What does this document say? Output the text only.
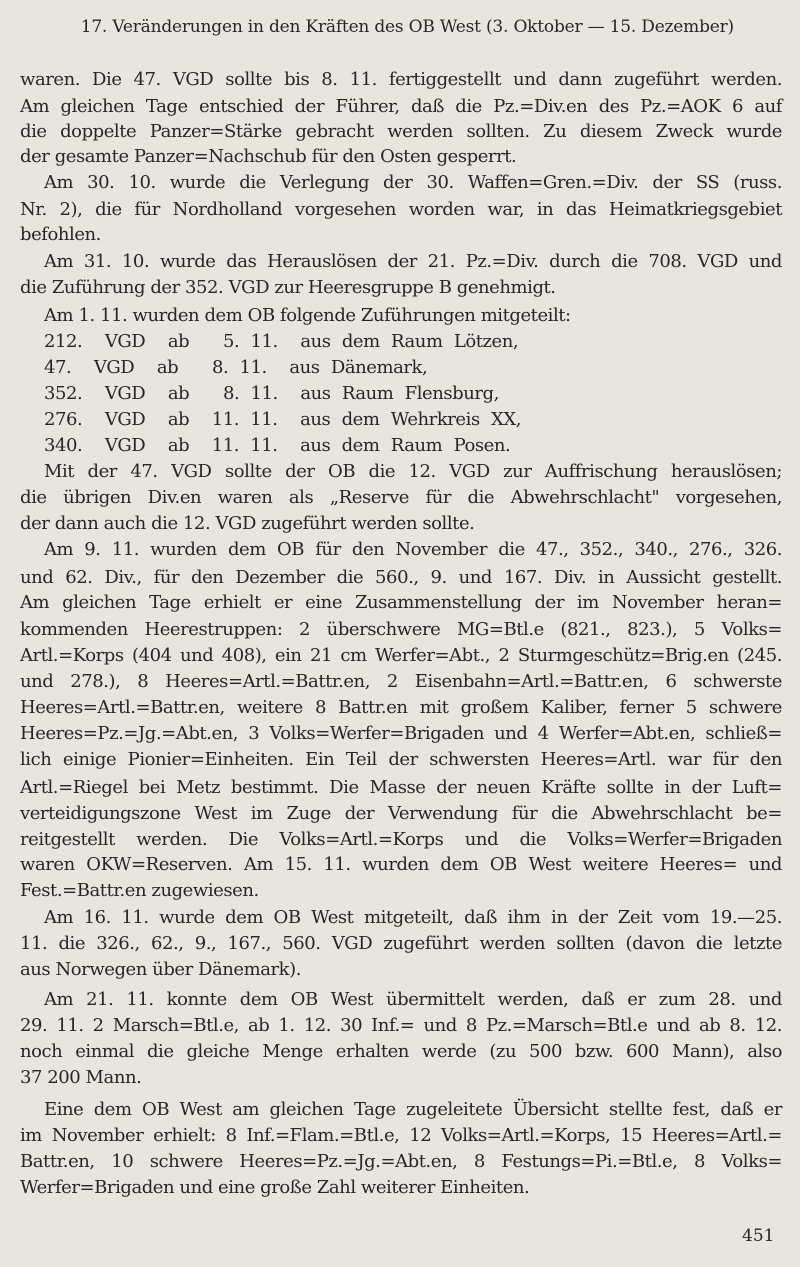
17. Veränderungen in den Kräften des OB West (3. Oktober — 15. Dezember)
waren. Die 47. VGD sollte bis 8. 11. fertiggestellt und dann zugeführt werden.
Am gleichen Tage entschied der Führer, daß die Pz.=Div.en des Pz.=AOK 6 auf
die doppelte Panzer=Stärke gebracht werden sollten. Zu diesem Zweck wurde
der gesamte Panzer=Nachschub für den Osten gesperrt.
Am 30. 10. wurde die Verlegung der 30. Waffen=Gren.=Div. der SS (russ.
Nr. 2), die für Nordholland vorgesehen worden war, in das Heimatkriegsgebiet
befohlen.
Am 31. 10. wurde das Herauslösen der 21. Pz.=Div. durch die 708. VGD und
die Zuführung der 352. VGD zur Heeresgruppe B genehmigt.
Am 1. 11. wurden dem OB folgende Zuführungen mitgeteilt:
212.  VGD  ab   5. 11.  aus dem Raum Lötzen,
47.  VGD  ab   8. 11.  aus Dänemark,
352.  VGD  ab   8. 11.  aus Raum Flensburg,
276.  VGD  ab  11. 11.  aus dem Wehrkreis XX,
340.  VGD  ab  11. 11.  aus dem Raum Posen.
Mit der 47. VGD sollte der OB die 12. VGD zur Auffrischung herauslösen;
die übrigen Div.en waren als „Reserve für die Abwehrschlacht" vorgesehen,
der dann auch die 12. VGD zugeführt werden sollte.
Am 9. 11. wurden dem OB für den November die 47., 352., 340., 276., 326.
und 62. Div., für den Dezember die 560., 9. und 167. Div. in Aussicht gestellt.
Am gleichen Tage erhielt er eine Zusammenstellung der im November heran=
kommenden Heerestruppen: 2 überschwere MG=Btl.e (821., 823.), 5 Volks=
Artl.=Korps (404 und 408), ein 21 cm Werfer=Abt., 2 Sturmgeschütz=Brig.en (245.
und 278.), 8 Heeres=Artl.=Battr.en, 2 Eisenbahn=Artl.=Battr.en, 6 schwerste
Heeres=Artl.=Battr.en, weitere 8 Battr.en mit großem Kaliber, ferner 5 schwere
Heeres=Pz.=Jg.=Abt.en, 3 Volks=Werfer=Brigaden und 4 Werfer=Abt.en, schließ=
lich einige Pionier=Einheiten. Ein Teil der schwersten Heeres=Artl. war für den
Artl.=Riegel bei Metz bestimmt. Die Masse der neuen Kräfte sollte in der Luft=
verteidigungszone West im Zuge der Verwendung für die Abwehrschlacht be=
reitgestellt werden. Die Volks=Artl.=Korps und die Volks=Werfer=Brigaden
waren OKW=Reserven. Am 15. 11. wurden dem OB West weitere Heeres= und
Fest.=Battr.en zugewiesen.
Am 16. 11. wurde dem OB West mitgeteilt, daß ihm in der Zeit vom 19.—25.
11. die 326., 62., 9., 167., 560. VGD zugeführt werden sollten (davon die letzte
aus Norwegen über Dänemark).
Am 21. 11. konnte dem OB West übermittelt werden, daß er zum 28. und
29. 11. 2 Marsch=Btl.e, ab 1. 12. 30 Inf.= und 8 Pz.=Marsch=Btl.e und ab 8. 12.
noch einmal die gleiche Menge erhalten werde (zu 500 bzw. 600 Mann), also
37 200 Mann.
Eine dem OB West am gleichen Tage zugeleitete Übersicht stellte fest, daß er
im November erhielt: 8 Inf.=Flam.=Btl.e, 12 Volks=Artl.=Korps, 15 Heeres=Artl.=
Battr.en, 10 schwere Heeres=Pz.=Jg.=Abt.en, 8 Festungs=Pi.=Btl.e, 8 Volks=
Werfer=Brigaden und eine große Zahl weiterer Einheiten.
451
